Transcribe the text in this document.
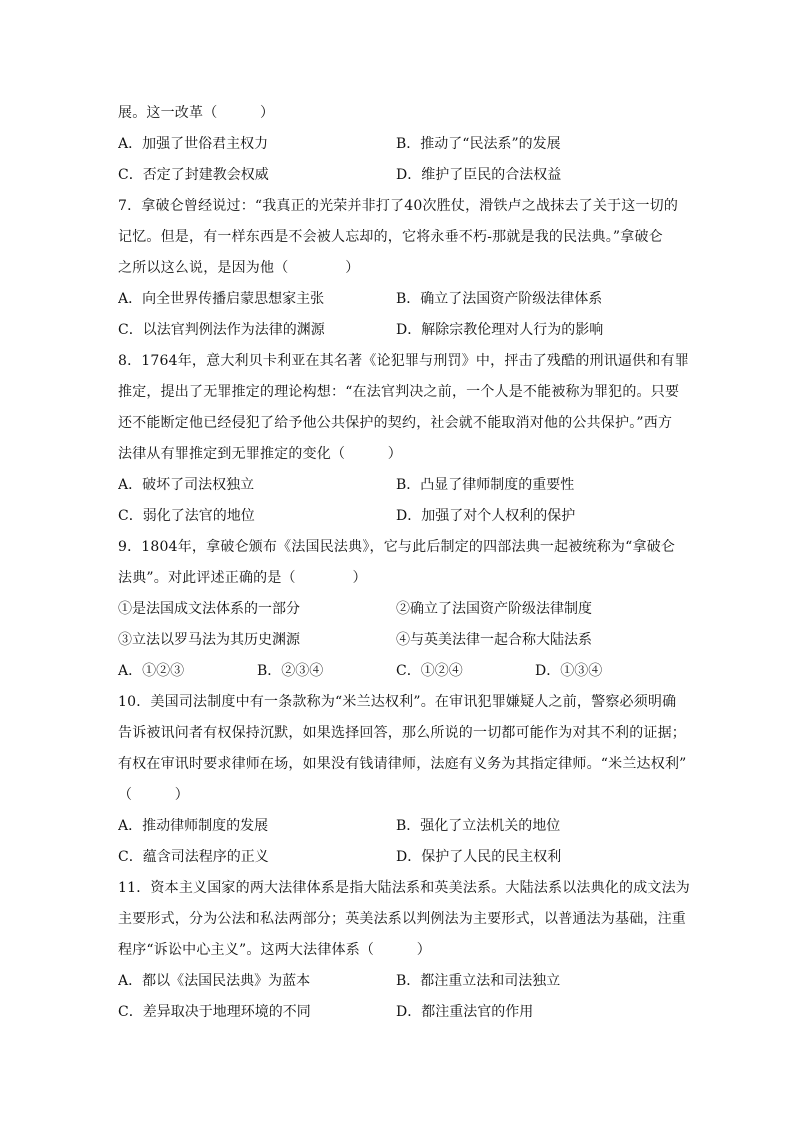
展。这一改革（　　　）
A．加强了世俗君主权力	B．推动了“民法系”的发展
C．否定了封建教会权威	D．维护了臣民的合法权益
7．拿破仑曾经说过：“我真正的光荣并非打了40次胜仗，滑铁卢之战抹去了关于这一切的
记忆。但是，有一样东西是不会被人忘却的，它将永垂不朽-那就是我的民法典。”拿破仑
之所以这么说，是因为他（　　　　）
A．向全世界传播启蒙思想家主张	B．确立了法国资产阶级法律体系
C．以法官判例法作为法律的渊源	D．解除宗教伦理对人行为的影响
8．1764年，意大利贝卡利亚在其名著《论犯罪与刑罚》中，抨击了残酷的刑讯逼供和有罪
推定，提出了无罪推定的理论构想：“在法官判决之前，一个人是不能被称为罪犯的。只要
还不能断定他已经侵犯了给予他公共保护的契约，社会就不能取消对他的公共保护。”西方
法律从有罪推定到无罪推定的变化（　　　）
A．破坏了司法权独立	B．凸显了律师制度的重要性
C．弱化了法官的地位	D．加强了对个人权利的保护
9．1804年，拿破仑颁布《法国民法典》，它与此后制定的四部法典一起被统称为“拿破仑
法典”。对此评述正确的是（　　　　）
①是法国成文法体系的一部分	②确立了法国资产阶级法律制度
③立法以罗马法为其历史渊源	④与英美法律一起合称大陆法系
A．①②③	B．②③④	C．①②④	D．①③④
10．美国司法制度中有一条款称为“米兰达权利”。在审讯犯罪嫌疑人之前，警察必须明确
告诉被讯问者有权保持沉默，如果选择回答，那么所说的一切都可能作为对其不利的证据；
有权在审讯时要求律师在场，如果没有钱请律师，法庭有义务为其指定律师。“米兰达权利”
（　　　）
A．推动律师制度的发展	B．强化了立法机关的地位
C．蕴含司法程序的正义	D．保护了人民的民主权利
11．资本主义国家的两大法律体系是指大陆法系和英美法系。大陆法系以法典化的成文法为
主要形式，分为公法和私法两部分；英美法系以判例法为主要形式，以普通法为基础，注重
程序“诉讼中心主义”。这两大法律体系（　　　）
A．都以《法国民法典》为蓝本	B．都注重立法和司法独立
C．差异取决于地理环境的不同	D．都注重法官的作用
